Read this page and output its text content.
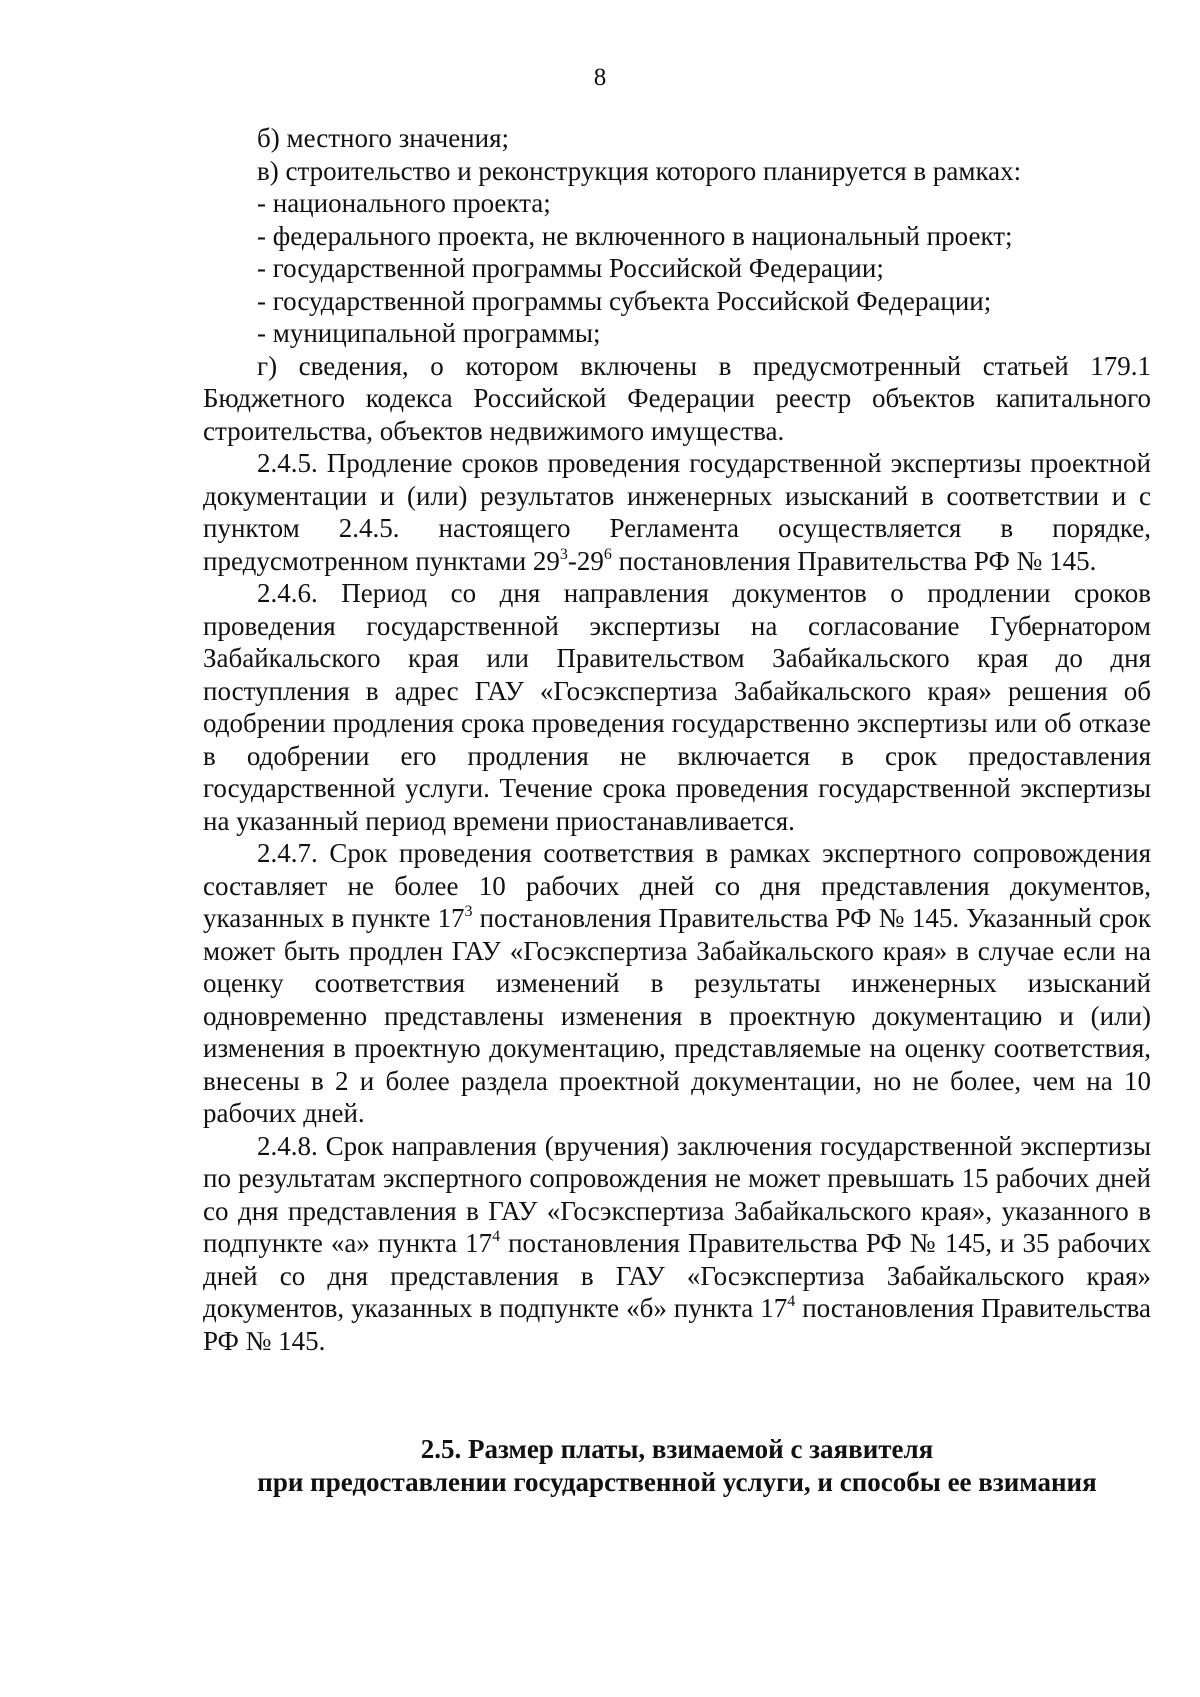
8

б) местного значения;

в) строительство и реконструкция которого планируется в рамках:

- национального проекта;

- федерального проекта, не включенного в национальный проект;

- государственной программы Российской Федерации;

- государственной программы субъекта Российской Федерации;

- муниципальной программы;

г) сведения, о котором включены в предусмотренный статьей 179.1 Бюджетного кодекса Российской Федерации реестр объектов капитального строительства, объектов недвижимого имущества.

2.4.5. Продление сроков проведения государственной экспертизы проектной документации и (или) результатов инженерных изысканий в соответствии и с пунктом 2.4.5. настоящего Регламента осуществляется в порядке, предусмотренном пунктами $29^3-29^6$ постановления Правительства РФ № 145.

2.4.6. Период со дня направления документов о продлении сроков проведения государственной экспертизы на согласование Губернатором Забайкальского края или Правительством Забайкальского края до дня поступления в адрес ГАУ «Госэкспертиза Забайкальского края» решения об одобрении продления срока проведения государственно экспертизы или об отказе в одобрении его продления не включается в срок предоставления государственной услуги. Течение срока проведения государственной экспертизы на указанный период времени приостанавливается.

2.4.7. Срок проведения соответствия в рамках экспертного сопровождения составляет не более 10 рабочих дней со дня представления документов, указанных в пункте $17^3$ постановления Правительства РФ № 145. Указанный срок может быть продлен ГАУ «Госэкспертиза Забайкальского края» в случае если на оценку соответствия изменений в результаты инженерных изысканий одновременно представлены изменения в проектную документацию и (или) изменения в проектную документацию, представляемые на оценку соответствия, внесены в 2 и более раздела проектной документации, но не более, чем на 10 рабочих дней.

2.4.8. Срок направления (вручения) заключения государственной экспертизы по результатам экспертного сопровождения не может превышать 15 рабочих дней со дня представления в ГАУ «Госэкспертиза Забайкальского края», указанного в подпункте «а» пункта $17^4$ постановления Правительства РФ № 145, и 35 рабочих дней со дня представления в ГАУ «Госэкспертиза Забайкальского края» документов, указанных в подпункте «б» пункта $17^4$ постановления Правительства РФ № 145.

2.5. Размер платы, взимаемой с заявителя
при предоставлении государственной услуги, и способы ее взимания
